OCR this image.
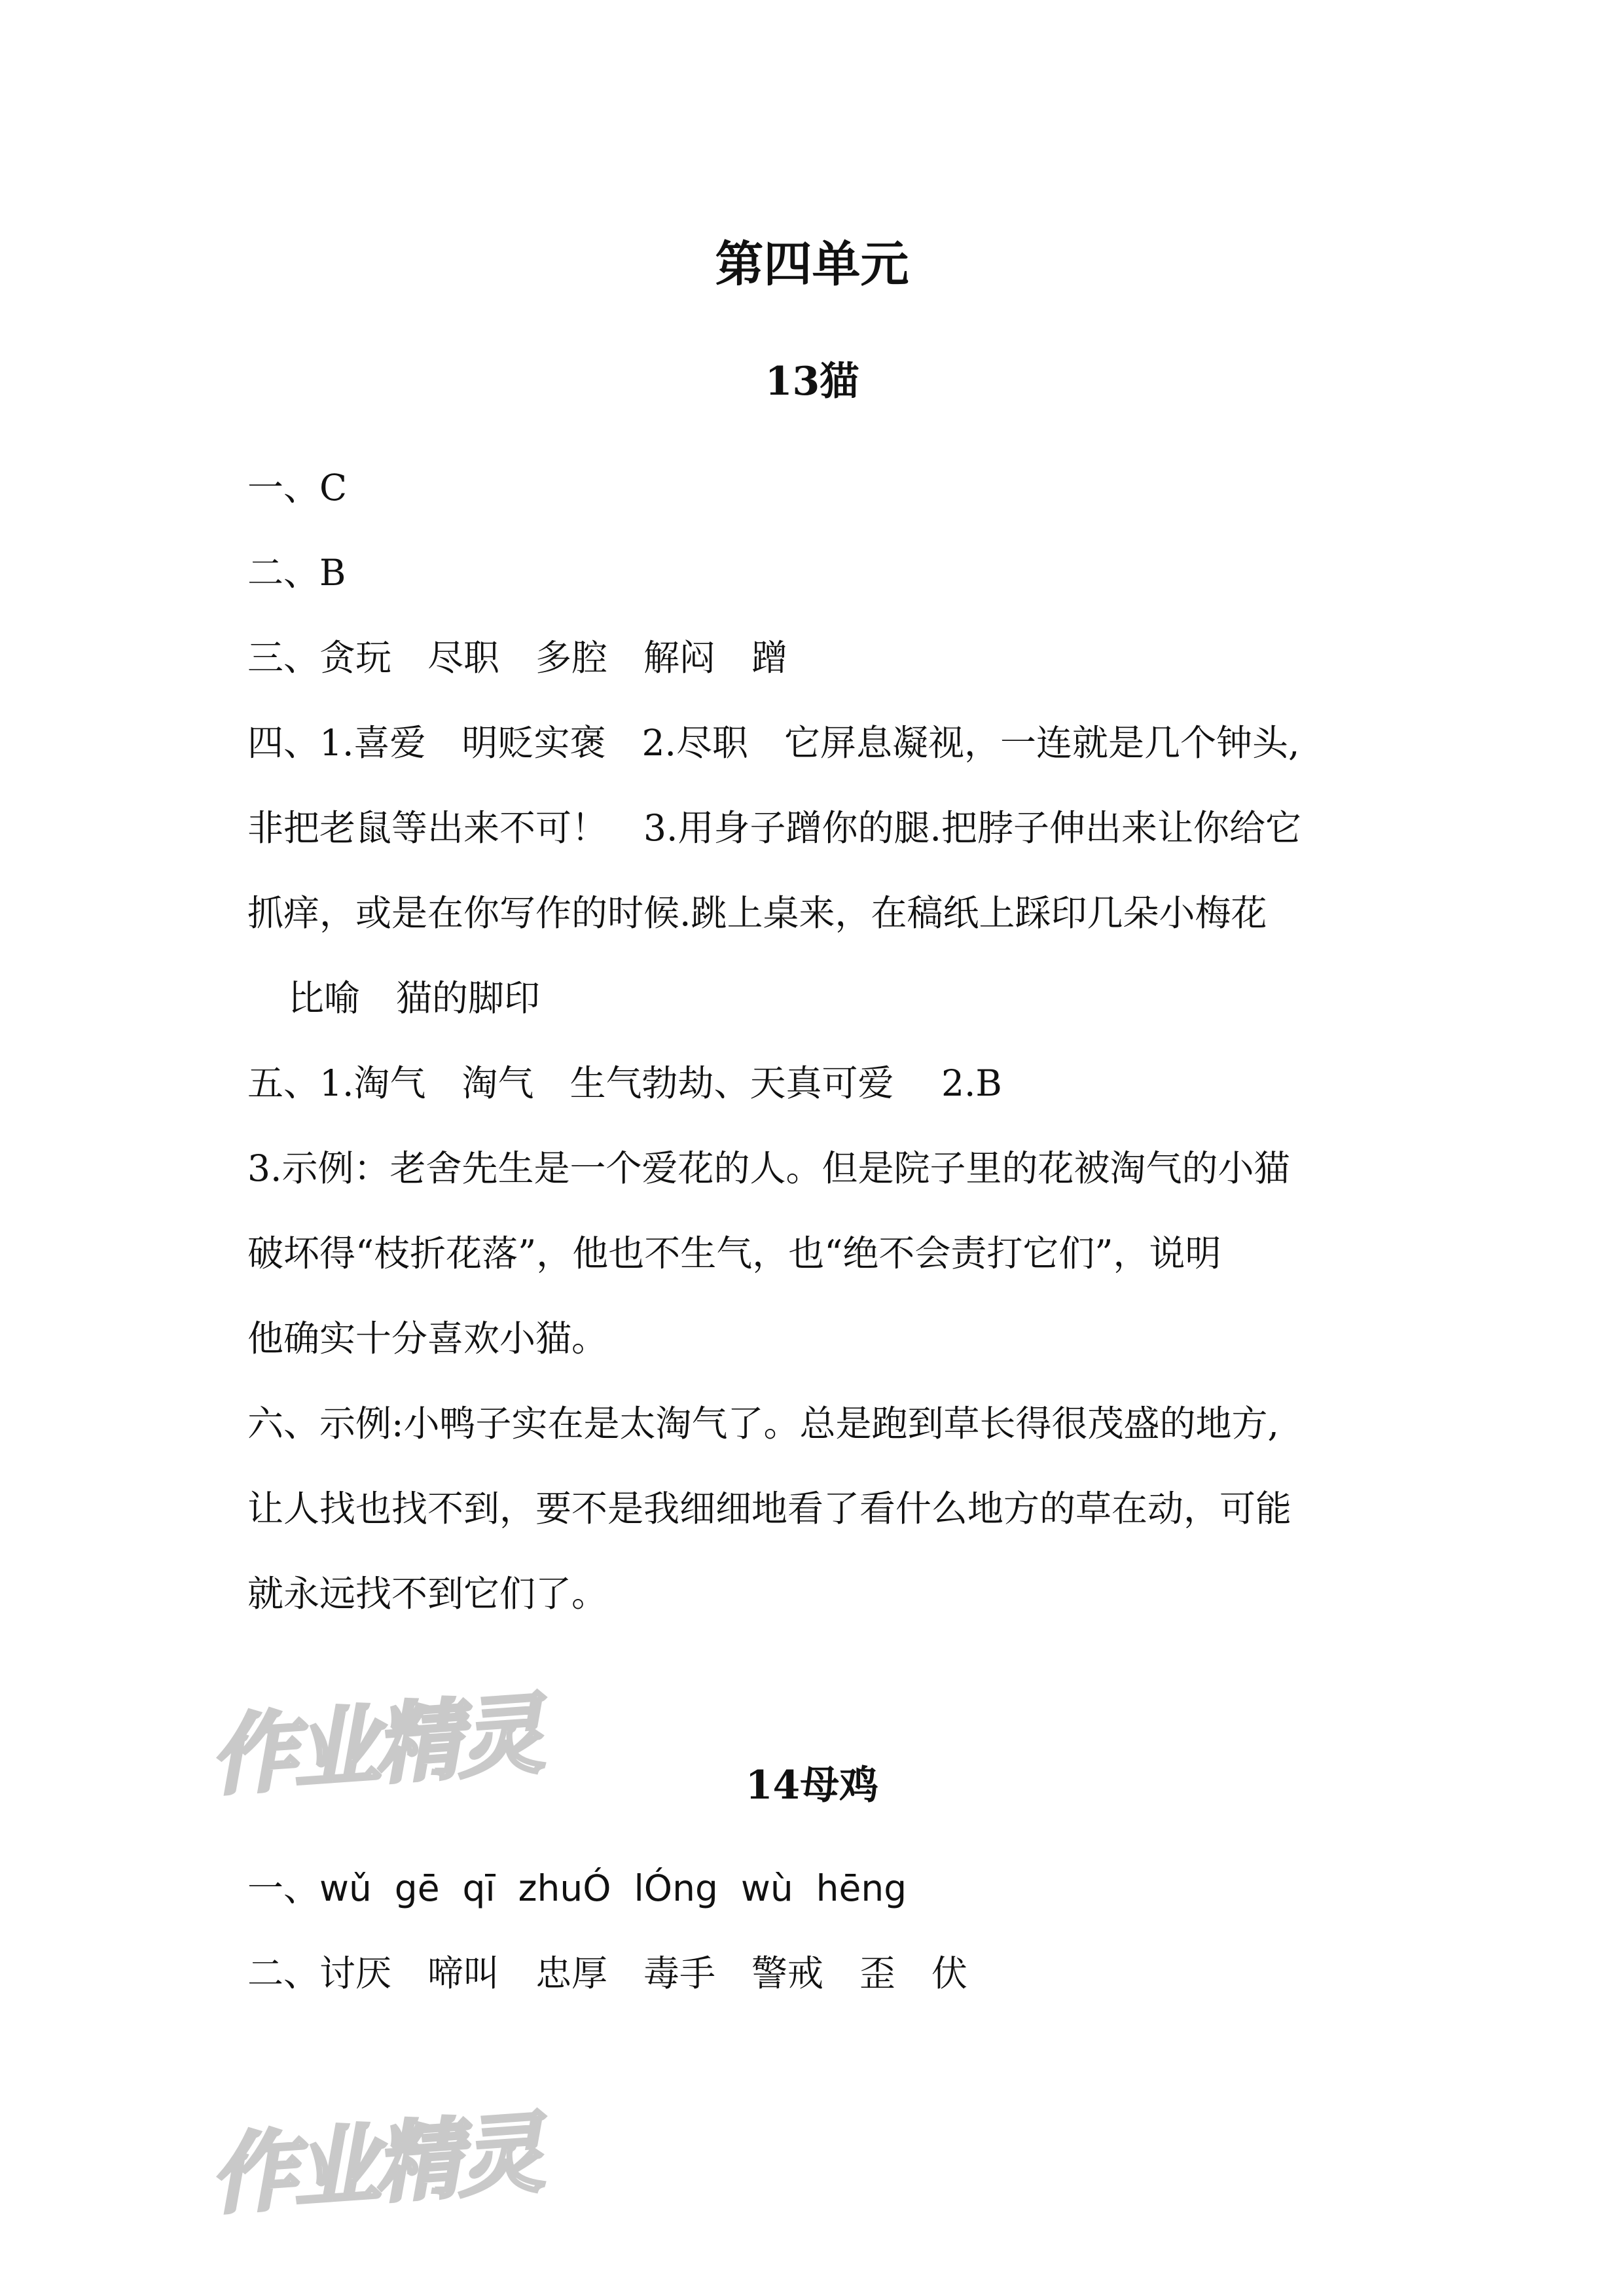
第四单元
13猫

一、C

二、B

三、贪玩　尽职　多腔　解闷　蹭

四、1.喜爱　明贬实褒　2.尽职　它屏息凝视，一连就是几个钟头,

非把老鼠等出来不可！　3.用身子蹭你的腿.把脖子伸出来让你给它

抓痒，或是在你写作的时候.跳上桌来，在稿纸上踩印几朵小梅花

比喻　猫的脚印

五、1.淘气　淘气　生气勃劫、天真可爱　 2.B

3.示例：老舍先生是一个爱花的人。但是院子里的花被淘气的小猫

破坏得“枝折花落”，他也不生气，也“绝不会责打它们”，说明

他确实十分喜欢小猫。

六、示例:小鸭子实在是太淘气了。总是跑到草长得很茂盛的地方,

让人找也找不到，要不是我细细地看了看什么地方的草在动，可能

就永远找不到它们了。

作业精灵	14母鸡

一、wǔ  gē  qī  zhuÓ  lÓng  wù  hēng

二、讨厌　啼叫　忠厚　毒手　警戒　歪　伏

作业精灵
